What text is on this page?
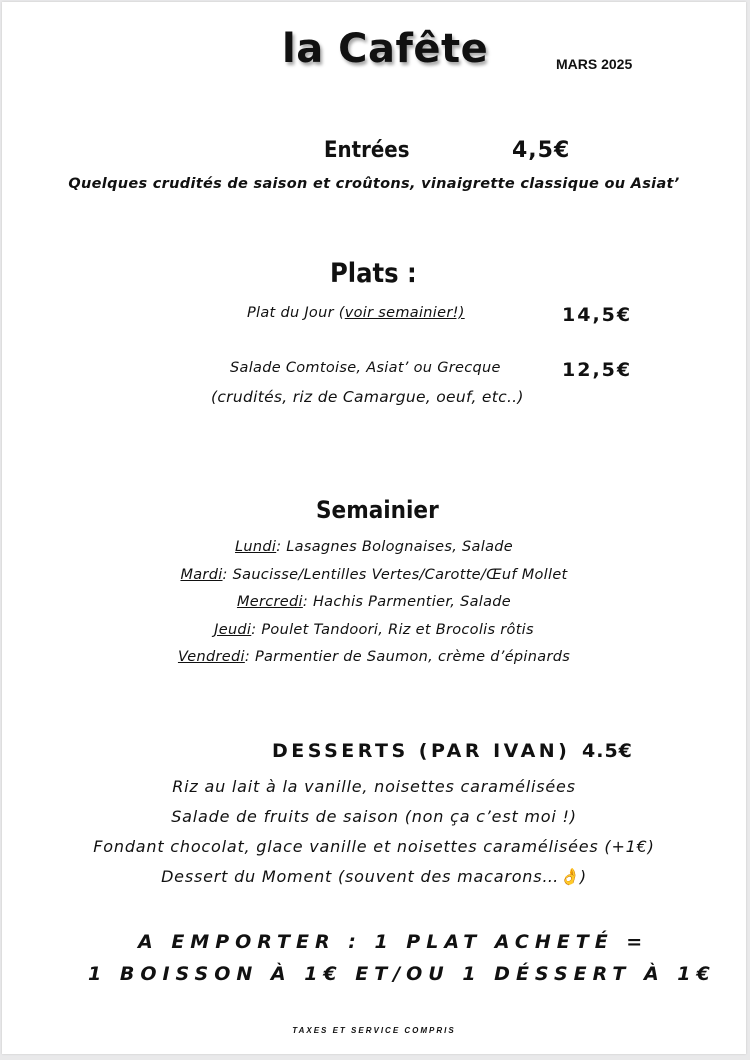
la Cafête	MARS 2025
Entrées	4,5€
Quelques crudités de saison et croûtons, vinaigrette classique ou Asiat’
Plats :
Plat du Jour (voir semainier!)	14,5€
Salade Comtoise, Asiat’ ou Grecque	12,5€
(crudités, riz de Camargue, oeuf, etc..)
Semainier
Lundi: Lasagnes Bolognaises, Salade
Mardi: Saucisse/Lentilles Vertes/Carotte/Œuf Mollet
Mercredi: Hachis Parmentier, Salade
Jeudi: Poulet Tandoori, Riz et Brocolis rôtis
Vendredi: Parmentier de Saumon, crème d’épinards
DESSERTS (PAR IVAN) 4.5€
Riz au lait à la vanille, noisettes caramélisées
Salade de fruits de saison (non ça c’est moi !)
Fondant chocolat, glace vanille et noisettes caramélisées (+1€)
Dessert du Moment (souvent des macarons…👌)
A EMPORTER : 1 PLAT ACHETÉ =
1 BOISSON À 1€ ET/OU 1 DÉSSERT À 1€
TAXES ET SERVICE COMPRIS
